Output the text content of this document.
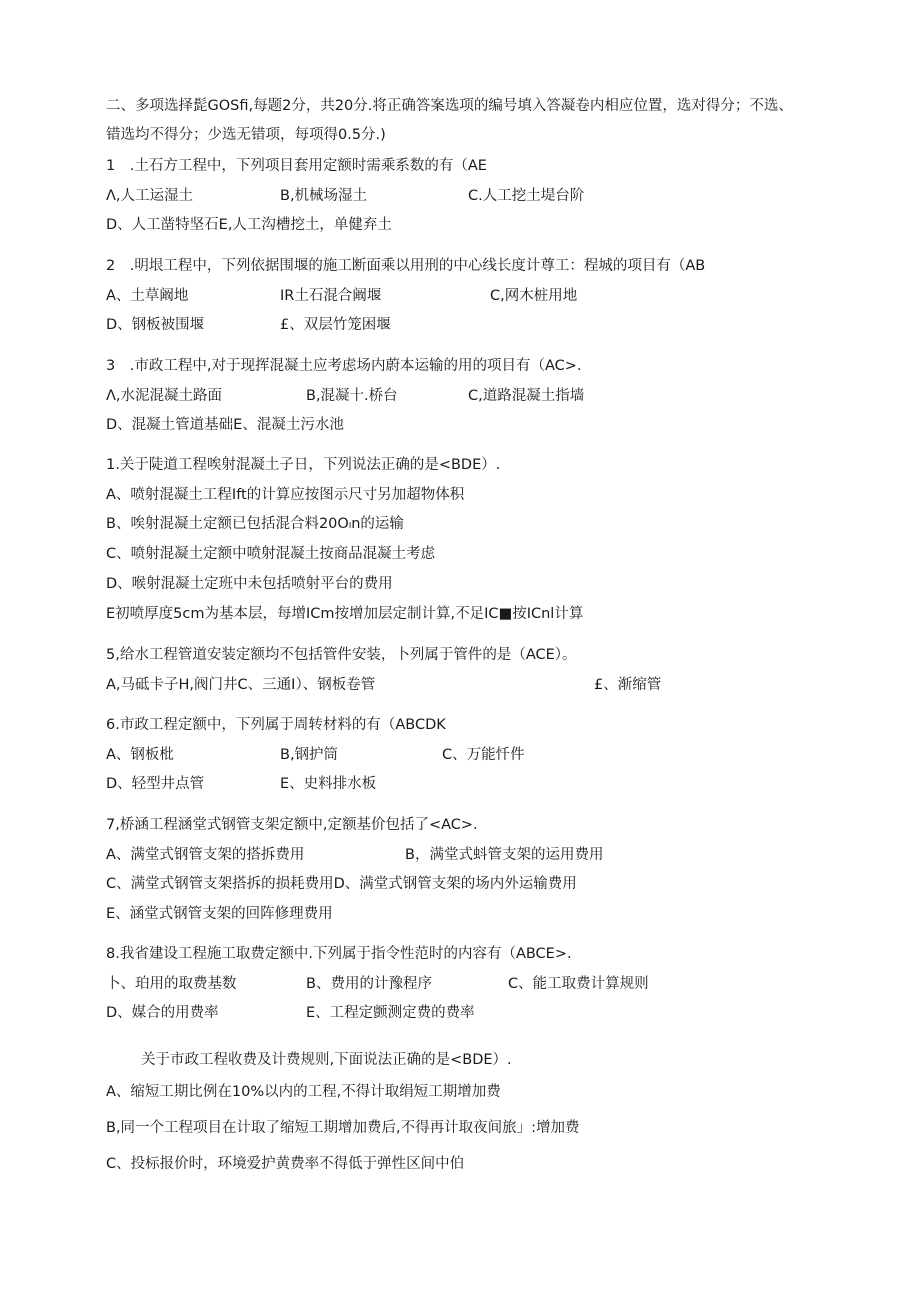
二、多项选择髭GOSfi,每题2分，共20分.将正确答案选项的编号填入答凝卷内相应位置，选对得分；不选、
错选均不得分；少选无错项，每项得0.5分.)
1　.土石方工程中，下列项目套用定额时需乘系数的有（AE
Λ,人工运湿土	B,机械场湿土	C.人工挖土堤台阶
D、人工凿特坚石E,人工沟槽挖土，单健弃土
2　.明垠工程中，下列依据围堰的施工断面乘以用刑的中心线长度计尊工：程城的项目有（AB
A、土草阚地	IR土石混合阚堰	C,网木桩用地
D、钢板被围堰	£、双层竹笼困堰
3　.市政工程中,对于现挥混凝土应考虑场内蔚本运输的用的项目有（AC>.
Λ,水泥混凝土路面	B,混凝十.桥台	C,道路混凝土指墙
D、混凝土管道基础E、混凝土污水池
1.关于陡道工程唉射混凝土子日，下列说法正确的是<BDE）.
A、喷射混凝土工程Ift的计算应按图示尺寸另加超物体积
B、唉射混凝土定额已包括混合料20Oₗn的运输
C、喷射混凝土定额中喷射混凝土按商品混凝土考虑
D、喉射混凝土定班中未包括喷射平台的费用
E初喷厚度5cm为基本层，每增ICm按增加层定制计算,不足IC■按ICnl计算
5,给水工程管道安装定额均不包括管件安装，卜列属于管件的是（ACE）。
A,马砥卡子H,阀门井C、三通I）、钢板卷管	£、渐缩管
6.市政工程定额中，下列属于周转材料的有（ABCDK
A、钢板枇	B,钢护筒	C、万能忏件
D、轻型井点管	E、史料排水板
7,桥涵工程涵堂式钢管支架定额中,定额基价包括了<AC>.
A、满堂式钢管支架的搭拆费用	B，满堂式蚪管支架的运用费用
C、满堂式钢管支架搭拆的损耗费用D、满堂式钢管支架的场内外运输费用
E、涵堂式钢管支架的回阵修理费用
8.我省建设工程施工取费定额中.下列属于指令性范时的内容有（ABCE>.
卜、珀用的取费基数	B、费用的计豫程序	C、能工取费计算规则
D、媒合的用费率	E、工程定颤测定费的费率
关于市政工程收费及计费规则,下面说法正确的是<BDE）.
A、缩短工期比例在10%以内的工程,不得计取绢短工期增加费
B,同一个工程项目在计取了缩短工期增加费后,不得再计取夜间旅」:增加费
C、投标报价时，环境爱护黄费率不得低于弹性区间中伯
